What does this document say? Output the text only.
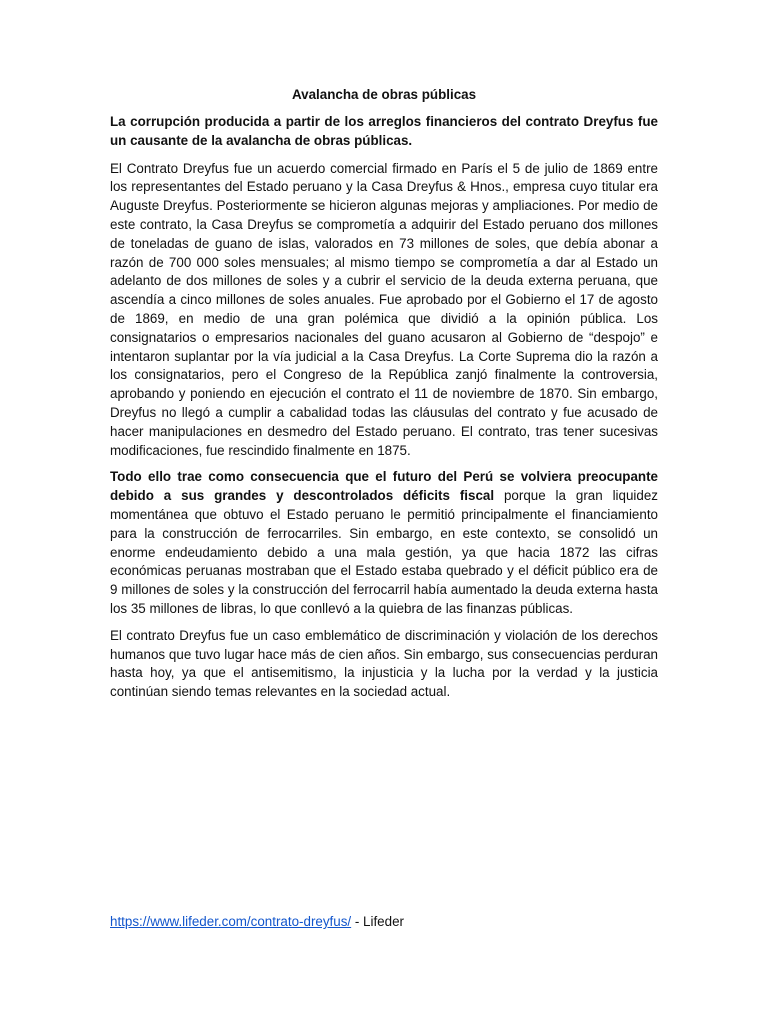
Avalancha de obras públicas

La corrupción producida a partir de los arreglos financieros del contrato Dreyfus fue un causante de la avalancha de obras públicas.

El Contrato Dreyfus fue un acuerdo comercial firmado en París el 5 de julio de 1869 entre los representantes del Estado peruano y la Casa Dreyfus & Hnos., empresa cuyo titular era Auguste Dreyfus. Posteriormente se hicieron algunas mejoras y ampliaciones. Por medio de este contrato, la Casa Dreyfus se comprometía a adquirir del Estado peruano dos millones de toneladas de guano de islas, valorados en 73 millones de soles, que debía abonar a razón de 700 000 soles mensuales; al mismo tiempo se comprometía a dar al Estado un adelanto de dos millones de soles y a cubrir el servicio de la deuda externa peruana, que ascendía a cinco millones de soles anuales. Fue aprobado por el Gobierno el 17 de agosto de 1869, en medio de una gran polémica que dividió a la opinión pública. Los consignatarios o empresarios nacionales del guano acusaron al Gobierno de “despojo” e intentaron suplantar por la vía judicial a la Casa Dreyfus. La Corte Suprema dio la razón a los consignatarios, pero el Congreso de la República zanjó finalmente la controversia, aprobando y poniendo en ejecución el contrato el 11 de noviembre de 1870. Sin embargo, Dreyfus no llegó a cumplir a cabalidad todas las cláusulas del contrato y fue acusado de hacer manipulaciones en desmedro del Estado peruano. El contrato, tras tener sucesivas modificaciones, fue rescindido finalmente en 1875.

Todo ello trae como consecuencia que el futuro del Perú se volviera preocupante debido a sus grandes y descontrolados déficits fiscal porque la gran liquidez momentánea que obtuvo el Estado peruano le permitió principalmente el financiamiento para la construcción de ferrocarriles. Sin embargo, en este contexto, se consolidó un enorme endeudamiento debido a una mala gestión, ya que hacia 1872 las cifras económicas peruanas mostraban que el Estado estaba quebrado y el déficit público era de 9 millones de soles y la construcción del ferrocarril había aumentado la deuda externa hasta los 35 millones de libras, lo que conllevó a la quiebra de las finanzas públicas.

El contrato Dreyfus fue un caso emblemático de discriminación y violación de los derechos humanos que tuvo lugar hace más de cien años. Sin embargo, sus consecuencias perduran hasta hoy, ya que el antisemitismo, la injusticia y la lucha por la verdad y la justicia continúan siendo temas relevantes en la sociedad actual.

https://www.lifeder.com/contrato-dreyfus/ - Lifeder
